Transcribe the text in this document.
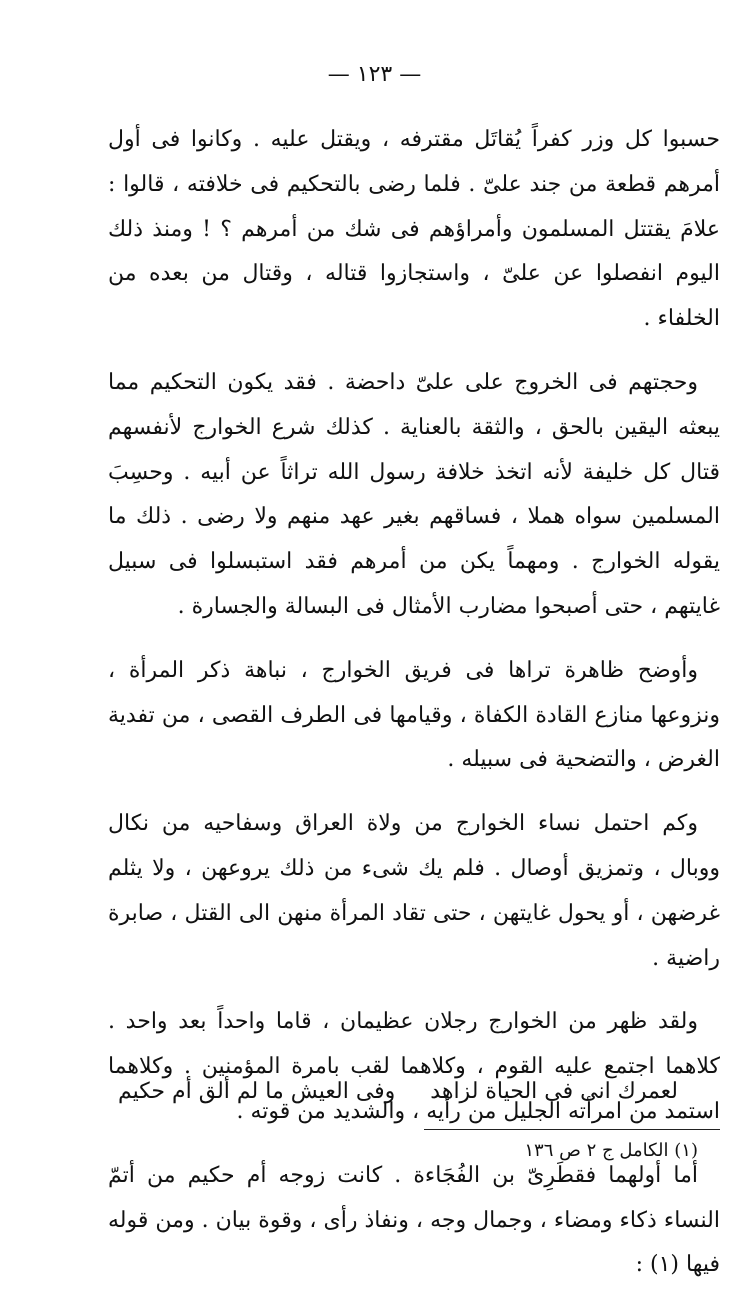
— ١٢٣ —

حسبوا كل وزر كفراً يُقاتَل مقترفه ، ويقتل عليه . وكانوا فى أول أمرهم قطعة من جند علىّ . فلما رضى بالتحكيم فى خلافته ، قالوا : علامَ يقتتل المسلمون وأمراؤهم فى شك من أمرهم ؟ ! ومنذ ذلك اليوم انفصلوا عن علىّ ، واستجازوا قتاله ، وقتال من بعده من الخلفاء .

وحجتهم فى الخروج على علىّ داحضة . فقد يكون التحكيم مما يبعثه اليقين بالحق ، والثقة بالعناية . كذلك شرع الخوارج لأنفسهم قتال كل خليفة لأنه اتخذ خلافة رسول الله تراثاً عن أبيه . وحسِبَ المسلمين سواه هملا ، فساقهم بغير عهد منهم ولا رضى . ذلك ما يقوله الخوارج . ومهماً يكن من أمرهم فقد استبسلوا فى سبيل غايتهم ، حتى أصبحوا مضارب الأمثال فى البسالة والجسارة .

وأوضح ظاهرة تراها فى فريق الخوارج ، نباهة ذكر المرأة ، ونزوعها منازع القادة الكفاة ، وقيامها فى الطرف القصى ، من تفدية الغرض ، والتضحية فى سبيله .

وكم احتمل نساء الخوارج من ولاة العراق وسفاحيه من نكال ووبال ، وتمزيق أوصال . فلم يك شىء من ذلك يروعهن ، ولا يثلم غرضهن ، أو يحول غايتهن ، حتى تقاد المرأة منهن الى القتل ، صابرة راضية .

ولقد ظهر من الخوارج رجلان عظيمان ، قاما واحداً بعد واحد . كلاهما اجتمع عليه القوم ، وكلاهما لقب بامرة المؤمنين . وكلاهما استمد من امرأته الجليل من رأيه ، والشديد من قوته .

أما أولهما فقطَرِىّ بن الفُجَاءة . كانت زوجه أم حكيم من أتمّ النساء ذكاء ومضاء ، وجمال وجه ، ونفاذ رأى ، وقوة بيان . ومن قوله فيها (١) :

لعمرك انى فى الحياة لزاهد
وفى العيش ما لم ألق أم حكيم
(١) الكامل ج ٢ ص ١٣٦
